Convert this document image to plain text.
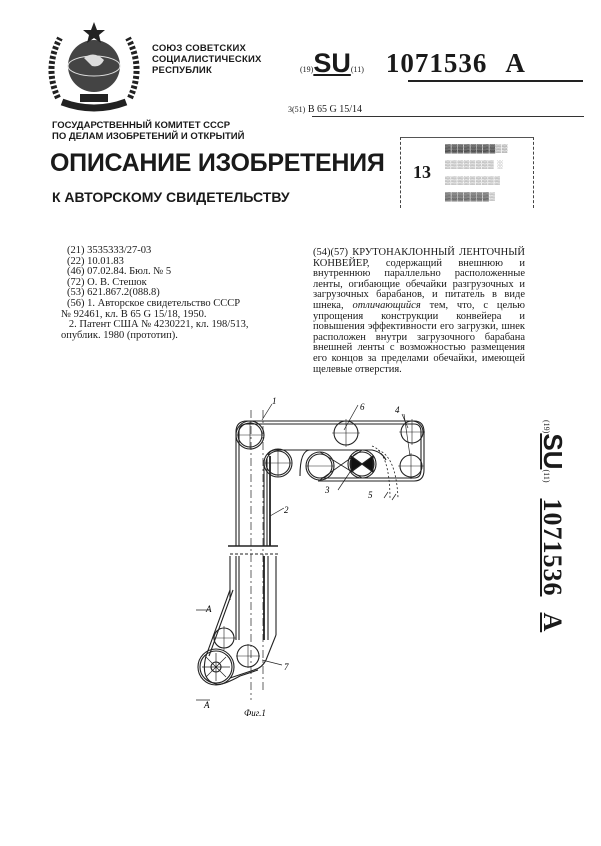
СОЮЗ СОВЕТСКИХ
СОЦИАЛИСТИЧЕСКИХ
РЕСПУБЛИК	(19)SU(11) 1071536 A
3(51) B 65 G 15/14
ГОСУДАРСТВЕННЫЙ КОМИТЕТ СССР
ПО ДЕЛАМ ИЗОБРЕТЕНИЙ И ОТКРЫТИЙ
ОПИСАНИЕ ИЗОБРЕТЕНИЯ
К АВТОРСКОМУ СВИДЕТЕЛЬСТВУ
13
▓▓▓▓▓▓▓▓▒▒
▒▒▒▒▒▒▒▒ ░
▒▒▒▒▒▒▒▒▒
▓▓▓▓▓▓▓▒
(21) 3535333/27-03
(22) 10.01.83
(46) 07.02.84. Бюл. № 5
(72) О. В. Стешок
(53) 621.867.2(088.8)
(56) 1. Авторское свидетельство СССР
№ 92461, кл. B 65 G 15/18, 1950.
2. Патент США № 4230221, кл. 198/513,
опублик. 1980 (прототип).
(54)(57) КРУТОНАКЛОННЫЙ ЛЕНТОЧНЫЙ КОНВЕЙЕР, содержащий внешнюю и внутреннюю параллельно расположенные ленты, огибающие обечайки разгрузочных и загрузочных барабанов, и питатель в виде шнека, отличающийся тем, что, с целью упрощения конструкции конвейера и повышения эффективности его загрузки, шнек расположен внутри загрузочного барабана внешней ленты с возможностью размещения его концов за пределами обечайки, имеющей щелевые отверстия.
1
2
3
4
5
6
7
A
A
Фиг.1
(19)SU(11)1071536A
